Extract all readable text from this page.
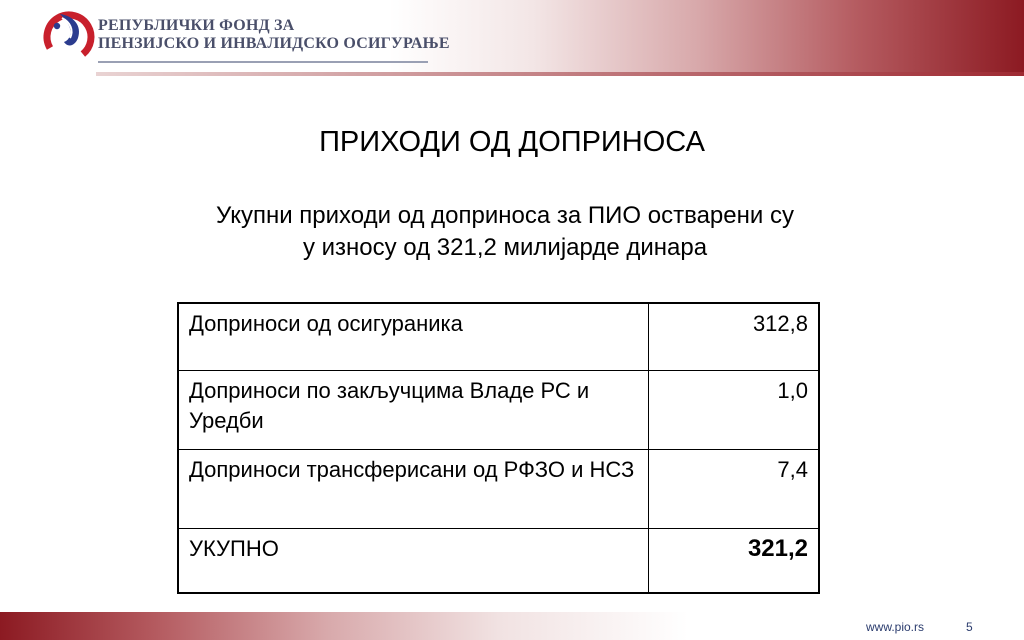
РЕПУБЛИЧКИ ФОНД ЗА
ПЕНЗИЈСКО И ИНВАЛИДСКО ОСИГУРАЊЕ
ПРИХОДИ ОД ДОПРИНОСА
Укупни приходи од доприноса за ПИО остварени су
у износу од 321,2 милијарде динара
Доприноси од осигураника	312,8
Доприноси по закључцима Владе РС и Уредби	1,0
Доприноси трансферисани од РФЗО и НСЗ	7,4
УКУПНО	321,2
www.pio.rs	5
